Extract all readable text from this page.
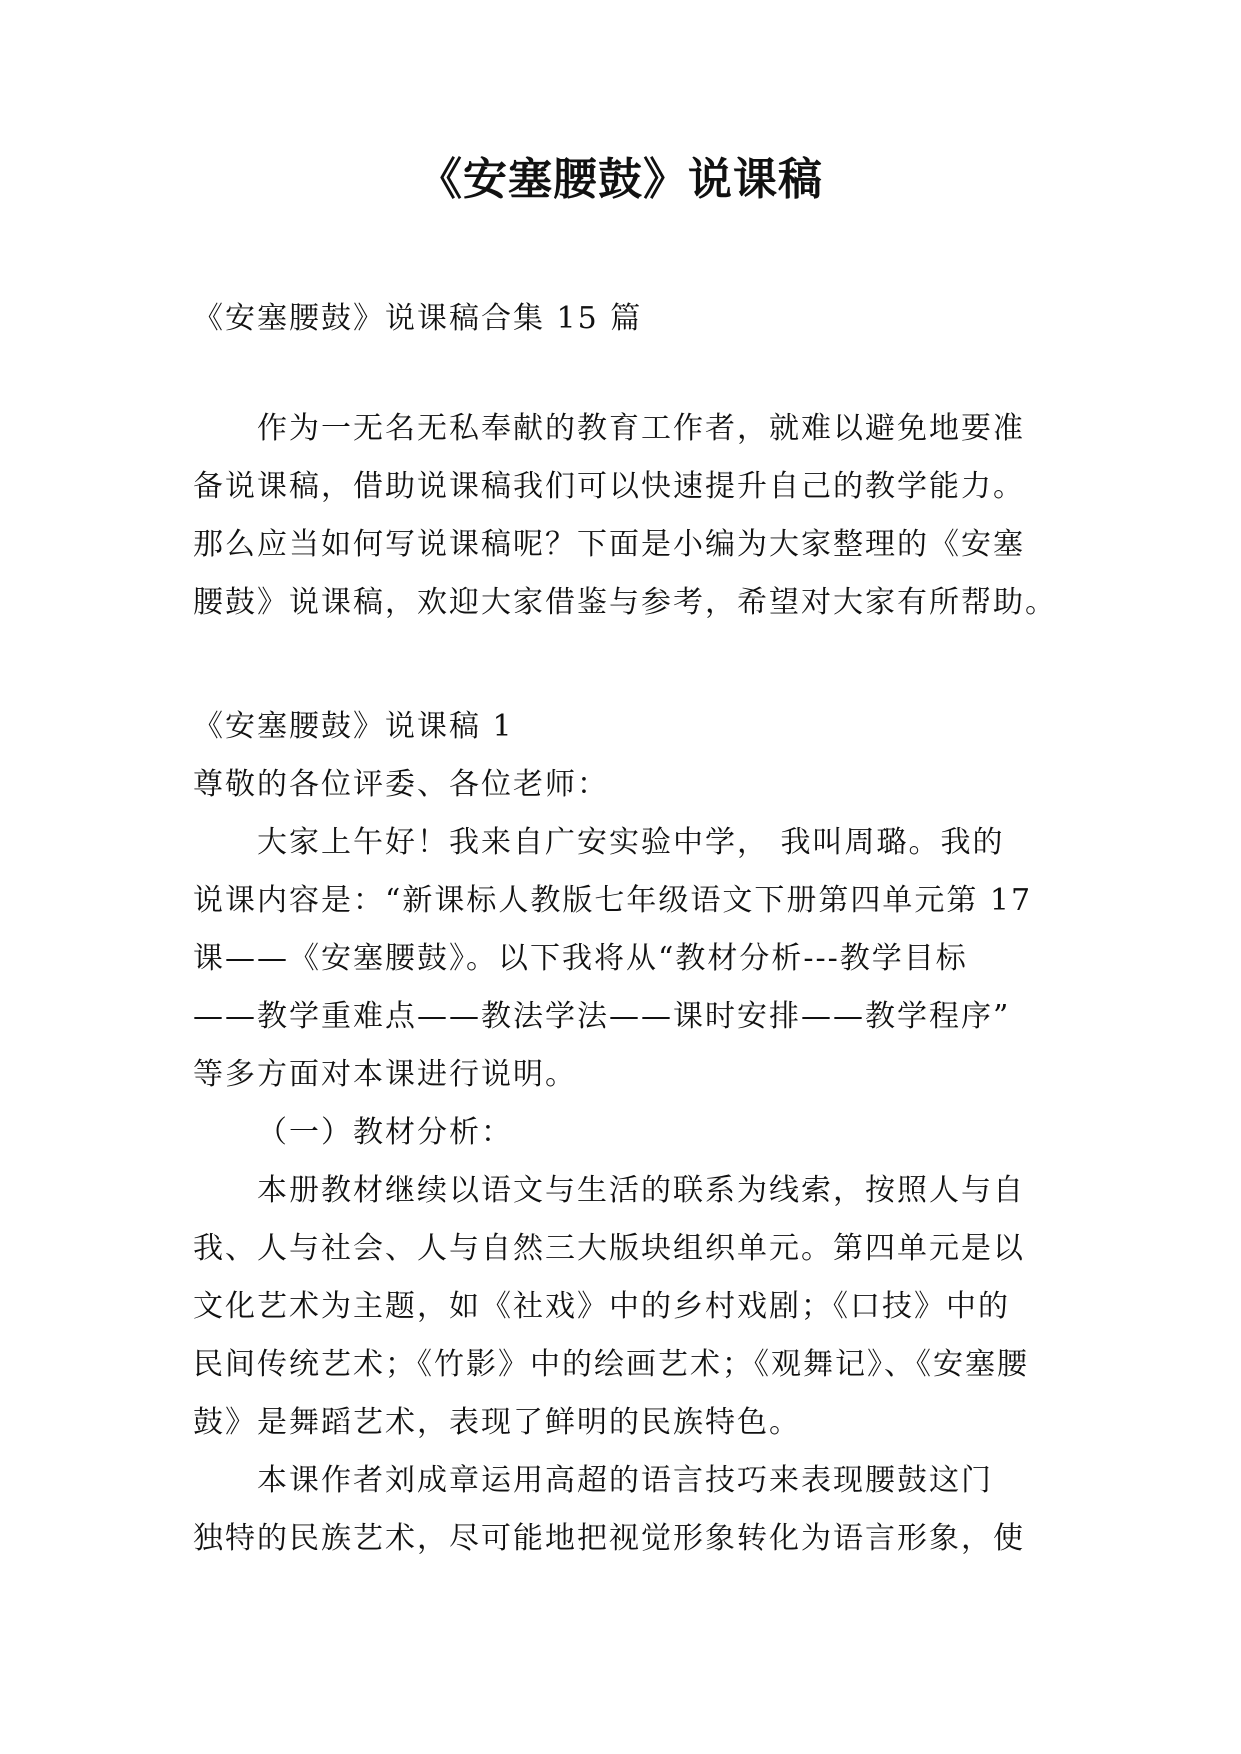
《安塞腰鼓》说课稿
《安塞腰鼓》说课稿合集 15 篇
作为一无名无私奉献的教育工作者，就难以避免地要准
备说课稿，借助说课稿我们可以快速提升自己的教学能力。
那么应当如何写说课稿呢？下面是小编为大家整理的《安塞
腰鼓》说课稿，欢迎大家借鉴与参考，希望对大家有所帮助。
《安塞腰鼓》说课稿 1
尊敬的各位评委、各位老师：
大家上午好！我来自广安实验中学， 我叫周璐。我的
说课内容是：“新课标人教版七年级语文下册第四单元第 17
课——《安塞腰鼓》。以下我将从“教材分析---教学目标
——教学重难点——教法学法——课时安排——教学程序”
等多方面对本课进行说明。
（一）教材分析：
本册教材继续以语文与生活的联系为线索，按照人与自
我、人与社会、人与自然三大版块组织单元。第四单元是以
文化艺术为主题，如《社戏》中的乡村戏剧；《口技》中的
民间传统艺术；《竹影》中的绘画艺术；《观舞记》、《安塞腰
鼓》是舞蹈艺术，表现了鲜明的民族特色。
本课作者刘成章运用高超的语言技巧来表现腰鼓这门
独特的民族艺术，尽可能地把视觉形象转化为语言形象，使
